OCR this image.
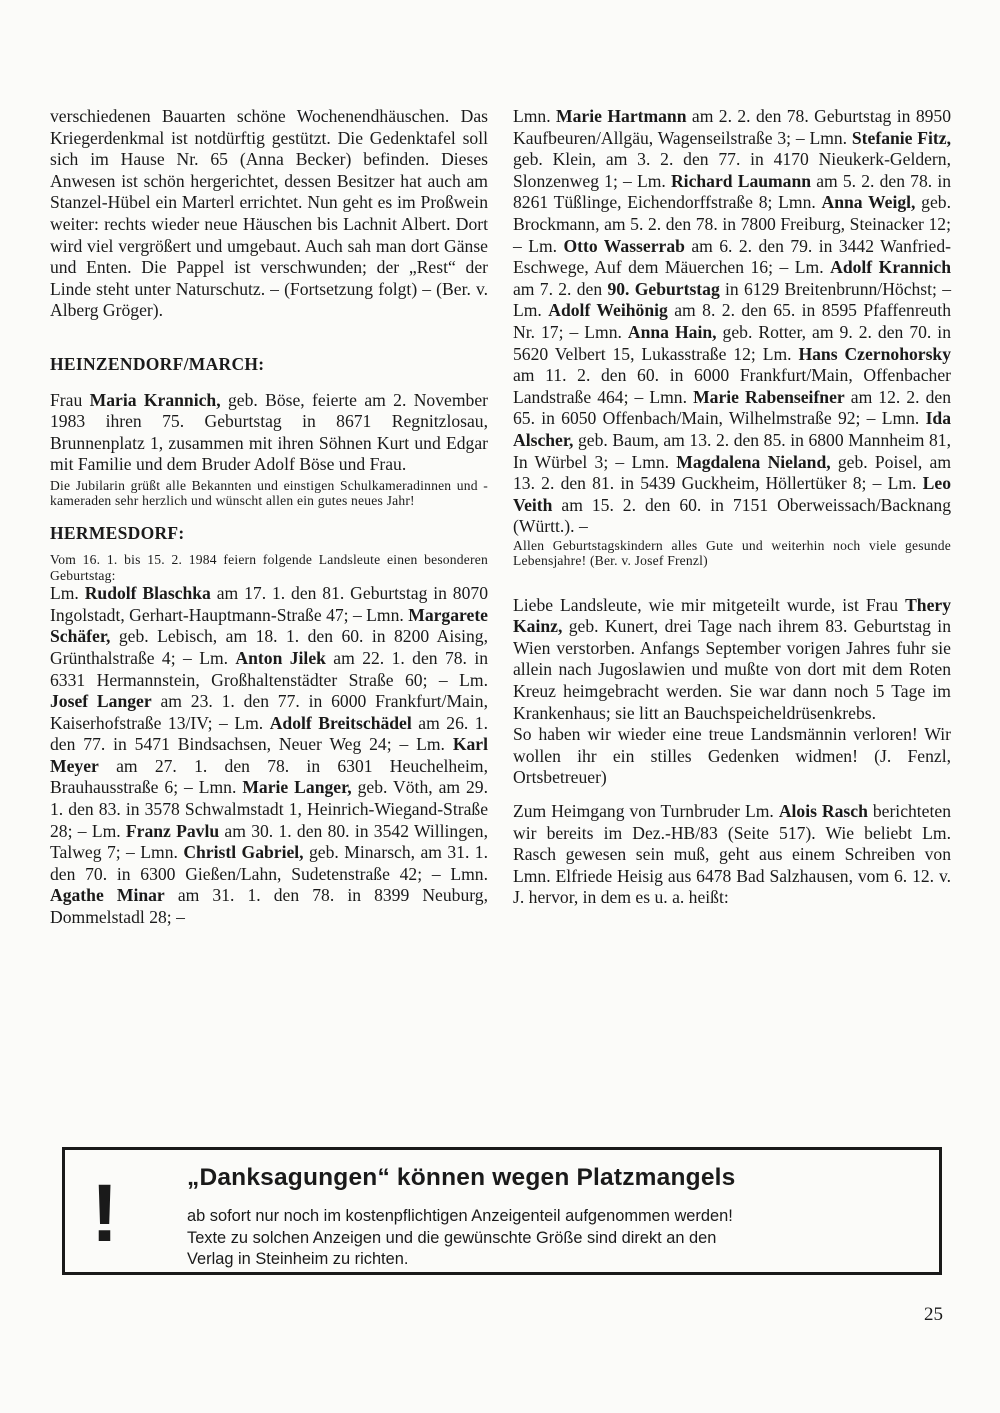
verschiedenen Bauarten schöne Wochenendhäuschen. Das Kriegerdenkmal ist notdürftig gestützt. Die Gedenktafel soll sich im Hause Nr. 65 (Anna Becker) befinden. Dieses Anwesen ist schön hergerichtet, dessen Besitzer hat auch am Stanzel-Hübel ein Marterl errichtet. Nun geht es im Proßwein weiter: rechts wieder neue Häuschen bis Lachnit Albert. Dort wird viel vergrößert und umgebaut. Auch sah man dort Gänse und Enten. Die Pappel ist verschwunden; der „Rest“ der Linde steht unter Naturschutz. – (Fortsetzung folgt) – (Ber. v. Alberg Gröger).

HEINZENDORF/MARCH:

Frau Maria Krannich, geb. Böse, feierte am 2. November 1983 ihren 75. Geburtstag in 8671 Regnitzlosau, Brunnenplatz 1, zusammen mit ihren Söhnen Kurt und Edgar mit Familie und dem Bruder Adolf Böse und Frau.

Die Jubilarin grüßt alle Bekannten und einstigen Schulkameradinnen und -kameraden sehr herzlich und wünscht allen ein gutes neues Jahr!

HERMESDORF:

Vom 16. 1. bis 15. 2. 1984 feiern folgende Landsleute einen besonderen Geburtstag:

Lm. Rudolf Blaschka am 17. 1. den 81. Geburtstag in 8070 Ingolstadt, Gerhart-Hauptmann-Straße 47; – Lmn. Margarete Schäfer, geb. Lebisch, am 18. 1. den 60. in 8200 Aising, Grünthalstraße 4; – Lm. Anton Jilek am 22. 1. den 78. in 6331 Hermannstein, Großhaltenstädter Straße 60; – Lm. Josef Langer am 23. 1. den 77. in 6000 Frankfurt/Main, Kaiserhofstraße 13/IV; – Lm. Adolf Breitschädel am 26. 1. den 77. in 5471 Bindsachsen, Neuer Weg 24; – Lm. Karl Meyer am 27. 1. den 78. in 6301 Heuchelheim, Brauhausstraße 6; – Lmn. Marie Langer, geb. Vöth, am 29. 1. den 83. in 3578 Schwalmstadt 1, Heinrich-Wiegand-Straße 28; – Lm. Franz Pavlu am 30. 1. den 80. in 3542 Willingen, Talweg 7; – Lmn. Christl Gabriel, geb. Minarsch, am 31. 1. den 70. in 6300 Gießen/Lahn, Sudetenstraße 42; – Lmn. Agathe Minar am 31. 1. den 78. in 8399 Neuburg, Dommelstadl 28; –

Lmn. Marie Hartmann am 2. 2. den 78. Geburtstag in 8950 Kaufbeuren/Allgäu, Wagenseilstraße 3; – Lmn. Stefanie Fitz, geb. Klein, am 3. 2. den 77. in 4170 Nieukerk-Geldern, Slonzenweg 1; – Lm. Richard Laumann am 5. 2. den 78. in 8261 Tüßlinge, Eichendorffstraße 8; Lmn. Anna Weigl, geb. Brockmann, am 5. 2. den 78. in 7800 Freiburg, Steinacker 12; – Lm. Otto Wasserrab am 6. 2. den 79. in 3442 Wanfried-Eschwege, Auf dem Mäuerchen 16; – Lm. Adolf Krannich am 7. 2. den 90. Geburtstag in 6129 Breitenbrunn/Höchst; – Lm. Adolf Weihönig am 8. 2. den 65. in 8595 Pfaffenreuth Nr. 17; – Lmn. Anna Hain, geb. Rotter, am 9. 2. den 70. in 5620 Velbert 15, Lukasstraße 12; Lm. Hans Czernohorsky am 11. 2. den 60. in 6000 Frankfurt/Main, Offenbacher Landstraße 464; – Lmn. Marie Rabenseifner am 12. 2. den 65. in 6050 Offenbach/Main, Wilhelmstraße 92; – Lmn. Ida Alscher, geb. Baum, am 13. 2. den 85. in 6800 Mannheim 81, In Würbel 3; – Lmn. Magdalena Nieland, geb. Poisel, am 13. 2. den 81. in 5439 Guckheim, Höllertüker 8; – Lm. Leo Veith am 15. 2. den 60. in 7151 Oberweissach/Backnang (Württ.). –

Allen Geburtstagskindern alles Gute und weiterhin noch viele gesunde Lebensjahre! (Ber. v. Josef Frenzl)

Liebe Landsleute, wie mir mitgeteilt wurde, ist Frau Thery Kainz, geb. Kunert, drei Tage nach ihrem 83. Geburtstag in Wien verstorben. Anfangs September vorigen Jahres fuhr sie allein nach Jugoslawien und mußte von dort mit dem Roten Kreuz heimgebracht werden. Sie war dann noch 5 Tage im Krankenhaus; sie litt an Bauchspeicheldrüsenkrebs.

So haben wir wieder eine treue Landsmännin verloren! Wir wollen ihr ein stilles Gedenken widmen! (J. Fenzl, Ortsbetreuer)

Zum Heimgang von Turnbruder Lm. Alois Rasch berichteten wir bereits im Dez.-HB/83 (Seite 517). Wie beliebt Lm. Rasch gewesen sein muß, geht aus einem Schreiben von Lmn. Elfriede Heisig aus 6478 Bad Salzhausen, vom 6. 12. v. J. hervor, in dem es u. a. heißt:

!	„Danksagungen“ können wegen Platzmangels
ab sofort nur noch im kostenpflichtigen Anzeigenteil aufgenommen werden!
Texte zu solchen Anzeigen und die gewünschte Größe sind direkt an den
Verlag in Steinheim zu richten.
25
